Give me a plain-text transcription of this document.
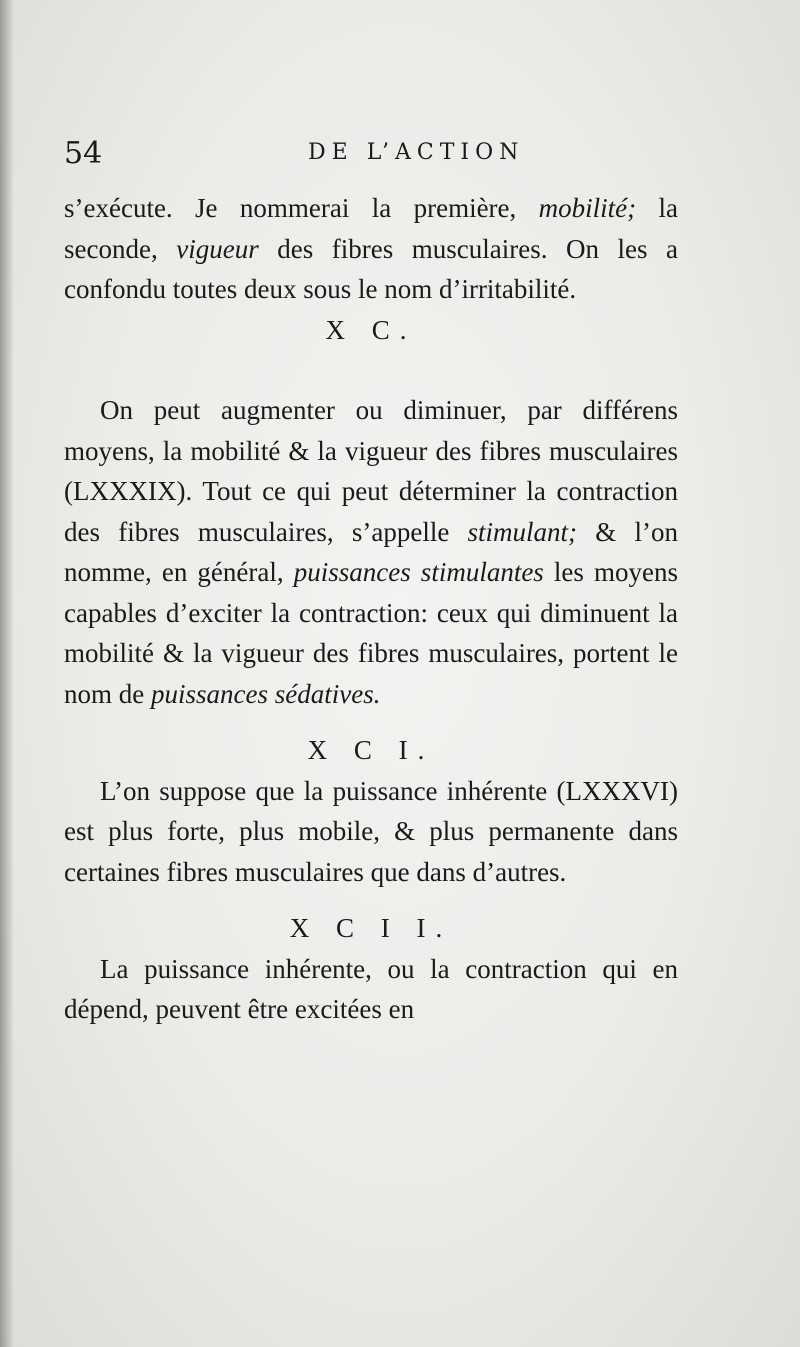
54	DE L’ACTION

s’exécute. Je nommerai la première, mobilité; la seconde, vigueur des fibres musculaires. On les a confondu toutes deux sous le nom d’irritabilité.

X C.

On peut augmenter ou diminuer, par différens moyens, la mobilité & la vigueur des fibres musculaires (LXXXIX). Tout ce qui peut déterminer la contraction des fibres musculaires, s’appelle stimulant; & l’on nomme, en général, puissances stimulantes les moyens capables d’exciter la contraction: ceux qui diminuent la mobilité & la vigueur des fibres musculaires, portent le nom de puissances sédatives.

X C I.

L’on suppose que la puissance inhérente (LXXXVI) est plus forte, plus mobile, & plus permanente dans certaines fibres musculaires que dans d’autres.

X C I I.

La puissance inhérente, ou la contraction qui en dépend, peuvent être excitées en
